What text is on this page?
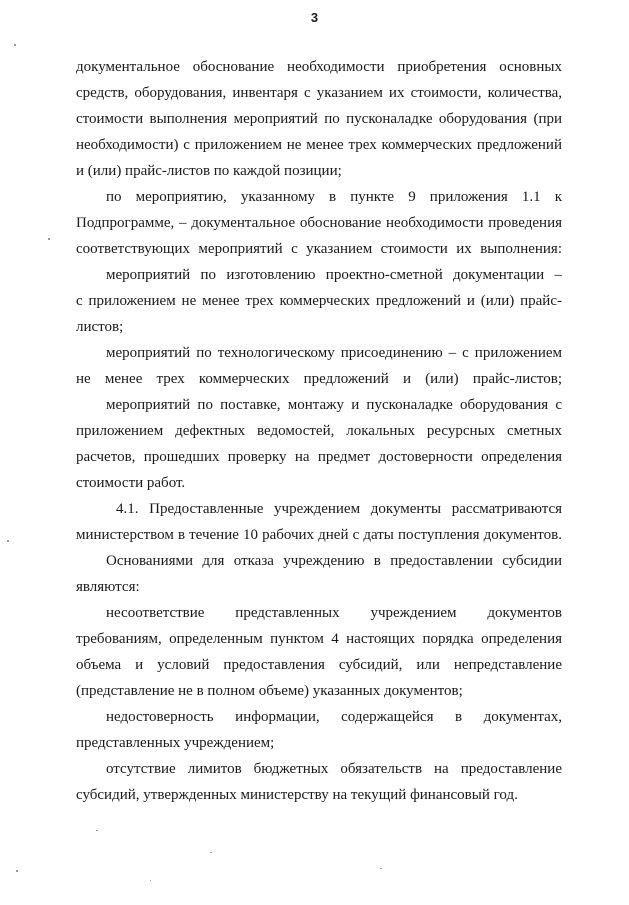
3
документальное обоснование необходимости приобретения основных
средств, оборудования, инвентаря с указанием их стоимости, количества,
стоимости выполнения мероприятий по пусконаладке оборудования (при
необходимости) с приложением не менее трех коммерческих предложений
и (или) прайс-листов по каждой позиции;
по мероприятию, указанному в пункте 9 приложения 1.1 к
Подпрограмме, – документальное обоснование необходимости проведения
соответствующих мероприятий с указанием стоимости их выполнения:
мероприятий по изготовлению проектно-сметной документации –
с приложением не менее трех коммерческих предложений и (или) прайс-
листов;
мероприятий по технологическому присоединению – с приложением
не менее трех коммерческих предложений и (или) прайс-листов;
мероприятий по поставке, монтажу и пусконаладке оборудования с
приложением дефектных ведомостей, локальных ресурсных сметных
расчетов, прошедших проверку на предмет достоверности определения
стоимости работ.
4.1. Предоставленные учреждением документы рассматриваются
министерством в течение 10 рабочих дней с даты поступления документов.
Основаниями для отказа учреждению в предоставлении субсидии
являются:
несоответствие представленных учреждением документов
требованиям, определенным пунктом 4 настоящих порядка определения
объема и условий предоставления субсидий, или непредставление
(представление не в полном объеме) указанных документов;
недостоверность информации, содержащейся в документах,
представленных учреждением;
отсутствие лимитов бюджетных обязательств на предоставление
субсидий, утвержденных министерству на текущий финансовый год.
